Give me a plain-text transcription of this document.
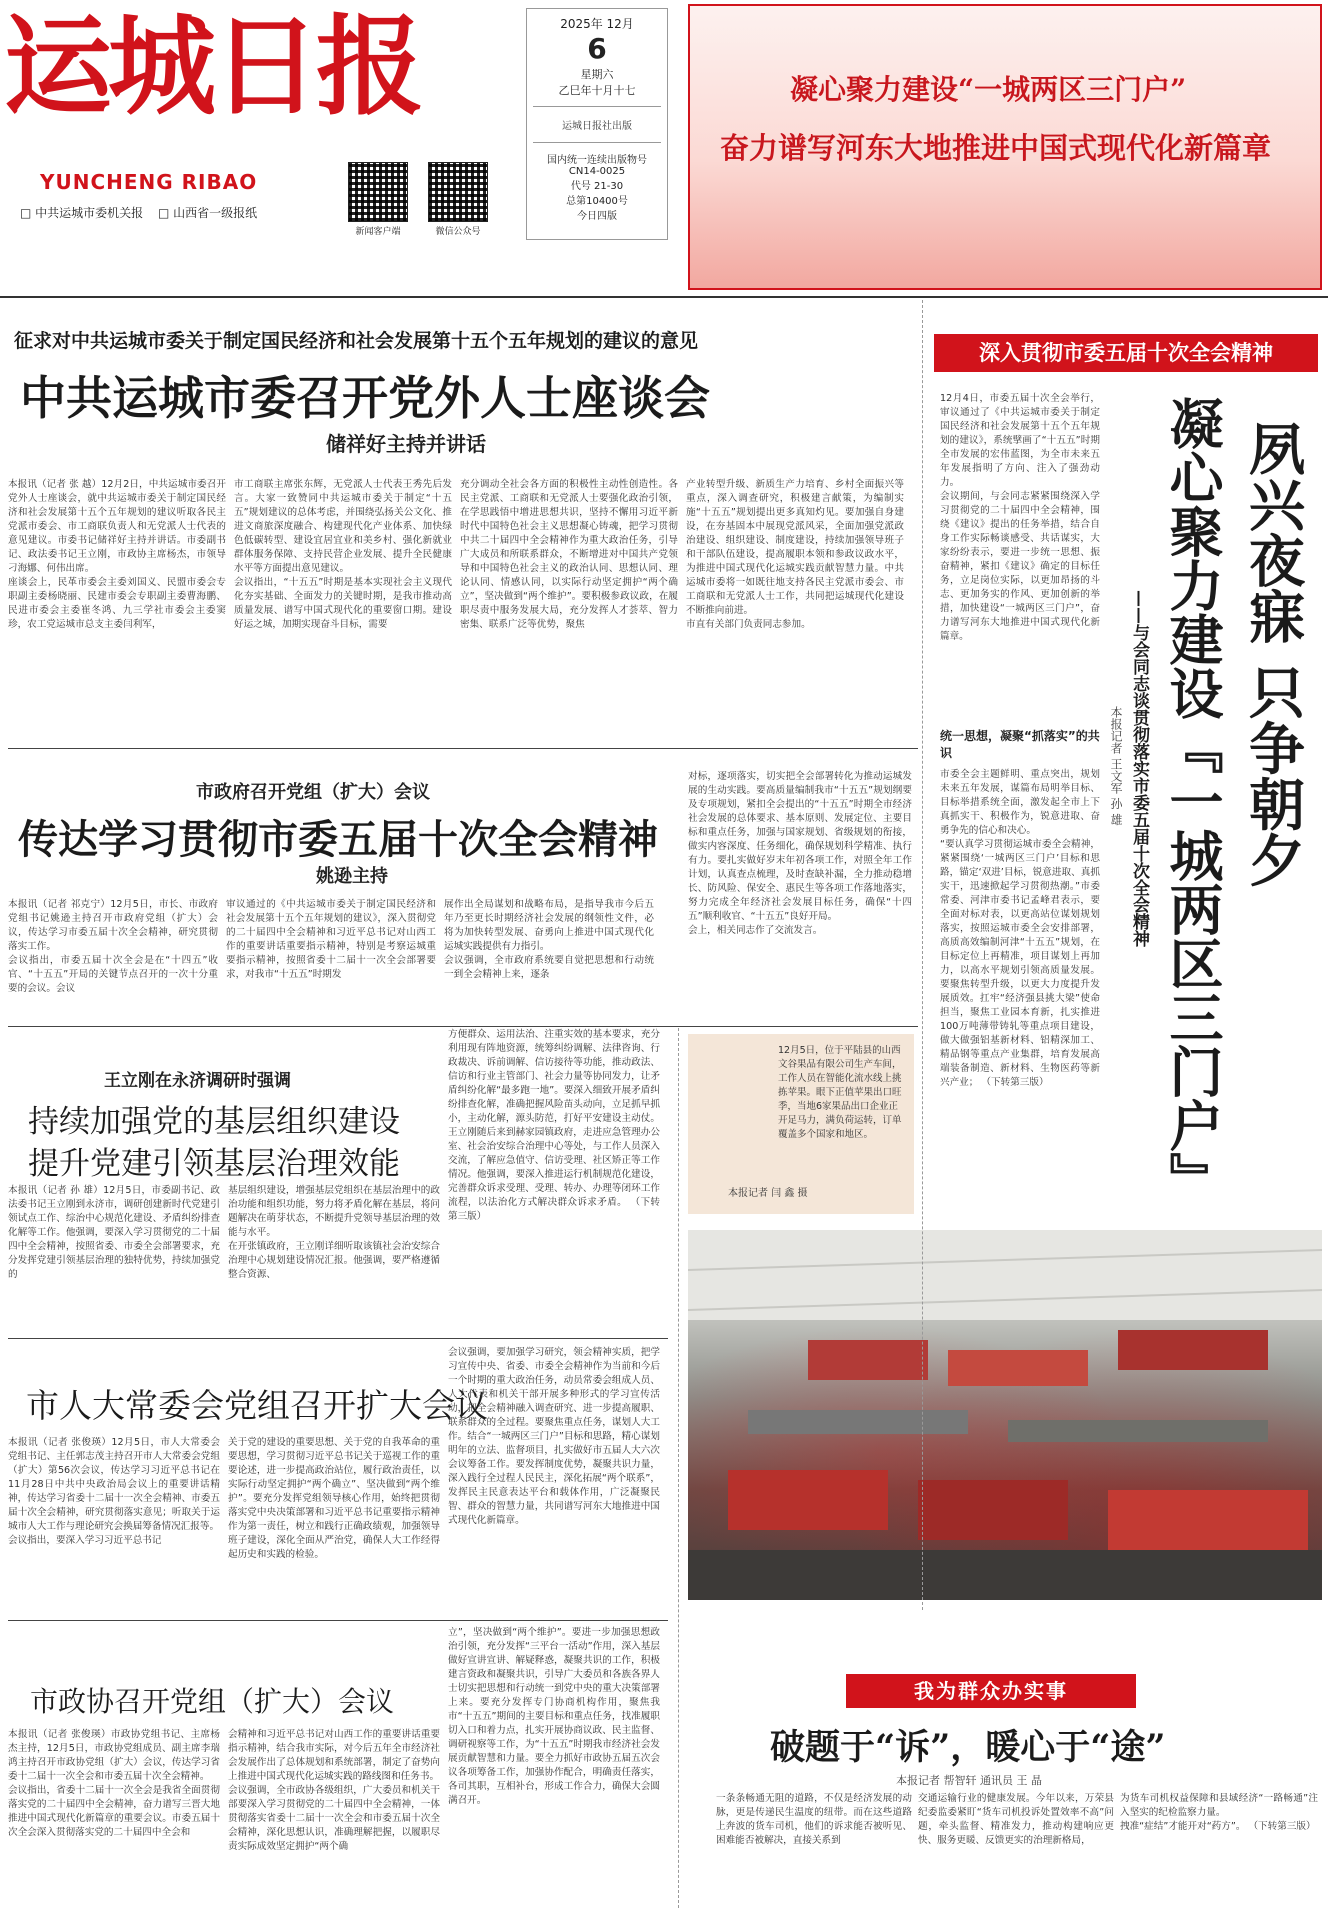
运城日报
YUNCHENG RIBAO
□ 中共运城市委机关报 □ 山西省一级报纸
新闻客户端	微信公众号
2025年 12月
6
星期六
乙巳年十月十七
运城日报社出版
国内统一连续出版物号
CN14-0025
代号 21-30
总第10400号
今日四版
凝心聚力建设“一城两区三门户”
奋力谱写河东大地推进中国式现代化新篇章
征求对中共运城市委关于制定国民经济和社会发展第十五个五年规划的建议的意见
中共运城市委召开党外人士座谈会
储祥好主持并讲话
本报讯（记者 张 越）12月2日，中共运城市委召开党外人士座谈会，就中共运城市委关于制定国民经济和社会发展第十五个五年规划的建议听取各民主党派市委会、市工商联负责人和无党派人士代表的意见建议。市委书记储祥好主持并讲话。市委副书记、政法委书记王立刚，市政协主席杨杰，市领导刁海娜、何伟出席。
座谈会上，民革市委会主委刘国义、民盟市委会专职副主委杨晓丽、民建市委会专职副主委曹海鹏、民进市委会主委崔冬鸿、九三学社市委会主委窦珍，农工党运城市总支主委闫利军，
市工商联主席张东辉，无党派人士代表王秀先后发言。大家一致赞同中共运城市委关于制定“十五五”规划建议的总体考虑，并围绕弘扬关公文化、推进文商旅深度融合、构建现代化产业体系、加快绿色低碳转型、建设宜居宜业和美乡村、强化新就业群体服务保障、支持民营企业发展、提升全民健康水平等方面提出意见建议。
会议指出，“十五五”时期是基本实现社会主义现代化夯实基础、全面发力的关键时期，是我市推动高质量发展、谱写中国式现代化的重要窗口期。建设好运之城，加期实现奋斗目标，需要
充分调动全社会各方面的积极性主动性创造性。各民主党派、工商联和无党派人士要强化政治引领，在学思践悟中增进思想共识，坚持不懈用习近平新时代中国特色社会主义思想凝心铸魂，把学习贯彻中共二十届四中全会精神作为重大政治任务，引导广大成员和所联系群众，不断增进对中国共产党领导和中国特色社会主义的政治认同、思想认同、理论认同、情感认同，以实际行动坚定拥护“两个确立”，坚决做到“两个维护”。要积极参政议政，在履职尽责中服务发展大局，充分发挥人才荟萃、智力密集、联系广泛等优势，聚焦
产业转型升级、新质生产力培育、乡村全面振兴等重点，深入调查研究，积极建言献策，为编制实施“十五五”规划提出更多真知灼见。要加强自身建设，在夯基固本中展现党派风采，全面加强党派政治建设、组织建设、制度建设，持续加强领导班子和干部队伍建设，提高履职本领和参政议政水平，为推进中国式现代化运城实践贡献智慧力量。中共运城市委将一如既往地支持各民主党派市委会、市工商联和无党派人士工作，共同把运城现代化建设不断推向前进。
市直有关部门负责同志参加。
深入贯彻市委五届十次全会精神
12月4日，市委五届十次全会举行，审议通过了《中共运城市委关于制定国民经济和社会发展第十五个五年规划的建议》，系统擘画了“十五五”时期全市发展的宏伟蓝图，为全市未来五年发展指明了方向、注入了强劲动力。
会议期间，与会同志紧紧围绕深入学习贯彻党的二十届四中全会精神，围绕《建议》提出的任务举措，结合自身工作实际畅谈感受、共话谋实，大家纷纷表示，要进一步统一思想、振奋精神，紧扣《建议》确定的目标任务，立足岗位实际，以更加昂扬的斗志、更加务实的作风、更加创新的举措，加快建设“一城两区三门户”，奋力谱写河东大地推进中国式现代化新篇章。
统一思想，凝聚“抓落实”的共识
市委全会主题鲜明、重点突出，规划未来五年发展，谋篇布局明举目标、目标举措系统全面，激发起全市上下真抓实干、积极作为，锐意进取、奋勇争先的信心和决心。
“要认真学习贯彻运城市委全会精神，紧紧围绕‘一城两区三门户’目标和思路，锚定‘双进’目标，锐意进取、真抓实干，迅速掀起学习贯彻热潮。”市委常委、河津市委书记孟峰君表示，要全面对标对表，以更高站位谋划规划落实，按照运城市委全会安排部署，高质高效编制河津“十五五”规划，在目标定位上再精准，项目谋划上再加力，以高水平规划引领高质量发展。要聚焦转型升级，以更大力度提升发展质效。扛牢“经济强县挑大梁”使命担当，聚焦工业园本育新，扎实推进100万吨薄带铸轧等重点项目建设，做大做强铝基新材料、铝精深加工、精品钢等重点产业集群，培育发展高端装备制造、新材料、生物医药等新兴产业； （下转第三版）
夙兴夜寐 只争朝夕
凝心聚力建设『一城两区三门户』
——与会同志谈贯彻落实市委五届十次全会精神
本报记者 王文军 孙 雄
市政府召开党组（扩大）会议
传达学习贯彻市委五届十次全会精神
姚逊主持
本报讯（记者 祁克宁）12月5日，市长、市政府党组书记姚逊主持召开市政府党组（扩大）会议，传达学习市委五届十次全会精神，研究贯彻落实工作。
会议指出，市委五届十次全会是在“十四五”收官、“十五五”开局的关键节点召开的一次十分重要的会议。会议
审议通过的《中共运城市委关于制定国民经济和社会发展第十五个五年规划的建议》，深入贯彻党的二十届四中全会精神和习近平总书记对山西工作的重要讲话重要指示精神，特别是考察运城重要指示精神，按照省委十二届十一次全会部署要求，对我市“十五五”时期发
展作出全局谋划和战略布局，是指导我市今后五年乃至更长时期经济社会发展的纲领性文件，必将为加快转型发展、奋勇向上推进中国式现代化运城实践提供有力指引。
会议强调，全市政府系统要自觉把思想和行动统一到全会精神上来，逐条
对标，逐项落实，切实把全会部署转化为推动运城发展的生动实践。要高质量编制我市“十五五”规划纲要及专项规划，紧扣全会提出的“十五五”时期全市经济社会发展的总体要求、基本原则、发展定位、主要目标和重点任务，加强与国家规划、省级规划的衔接，做实内容深度、任务细化，确保规划科学精准、执行有力。要扎实做好岁末年初各项工作，对照全年工作计划，认真查点梳理，及时查缺补漏，全力推动稳增长、防风险、保安全、惠民生等各项工作落地落实，努力完成全年经济社会发展目标任务，确保“十四五”顺利收官、“十五五”良好开局。
会上，相关同志作了交流发言。
王立刚在永济调研时强调
持续加强党的基层组织建设
提升党建引领基层治理效能
本报讯（记者 孙 雄）12月5日，市委副书记、政法委书记王立刚到永济市，调研创建新时代党建引领试点工作、综治中心规范化建设、矛盾纠纷排查化解等工作。他强调，要深入学习贯彻党的二十届四中全会精神，按照省委、市委全会部署要求，充分发挥党建引领基层治理的独特优势，持续加强党的
基层组织建设，增强基层党组织在基层治理中的政治功能和组织功能，努力将矛盾化解在基层，将问题解决在萌芽状态，不断提升党领导基层治理的效能与水平。
在开张镇政府，王立刚详细听取该镇社会治安综合治理中心规划建设情况汇报。他强调，要严格遵循整合资源、
方便群众、运用法治、注重实效的基本要求，充分利用现有阵地资源，统筹纠纷调解、法律咨询、行政裁决、诉前调解、信访接待等功能，推动政法、信访和行业主管部门、社会力量等协同发力，让矛盾纠纷化解“最多跑一地”。要深入细致开展矛盾纠纷排查化解，准确把握风险苗头动向，立足抓早抓小，主动化解，源头防范，打好平安建设主动仗。王立刚随后来到赫家园镇政府，走进应急管理办公室、社会治安综合治理中心等处，与工作人员深入交流，了解应急值守、信访受理、社区矫正等工作情况。他强调，要深入推进运行机制规范化建设，完善群众诉求受理、受理、转办、办理等闭环工作流程，以法治化方式解决群众诉求矛盾。 （下转第三版）
12月5日，位于平陆县的山西文谷果品有限公司生产车间，工作人员在智能化流水线上挑拣苹果。眼下正值苹果出口旺季，当地6家果品出口企业正开足马力，满负荷运转，订单覆盖多个国家和地区。
本报记者 闫 鑫 摄
市人大常委会党组召开扩大会议
本报讯（记者 张俊瑛）12月5日，市人大常委会党组书记、主任郭志茂主持召开市人大常委会党组（扩大）第56次会议，传达学习习近平总书记在11月28日中共中央政治局会议上的重要讲话精神，传达学习省委十二届十一次全会精神、市委五届十次全会精神，研究贯彻落实意见；听取关于运城市人大工作与理论研究会换届筹备情况汇报等。
会议指出，要深入学习习近平总书记
关于党的建设的重要思想、关于党的自我革命的重要思想，学习贯彻习近平总书记关于巡视工作的重要论述，进一步提高政治站位，履行政治责任，以实际行动坚定拥护“两个确立”、坚决做到“两个维护”。要充分发挥党组领导核心作用，始终把贯彻落实党中央决策部署和习近平总书记重要指示精神作为第一责任，树立和践行正确政绩观，加强领导班子建设，深化全面从严治党，确保人大工作经得起历史和实践的检验。
会议强调，要加强学习研究，领会精神实质，把学习宣传中央、省委、市委全会精神作为当前和今后一个时期的重大政治任务，动员常委会组成人员、人大代表和机关干部开展多种形式的学习宣传活动，把全会精神融入调查研究、进一步提高履职、联系群众的全过程。要聚焦重点任务，谋划人大工作。结合“一城两区三门户”目标和思路，精心谋划明年的立法、监督项目，扎实做好市五届人大六次会议筹备工作。要发挥制度优势，凝聚共识力量，深入践行全过程人民民主，深化拓展“两个联系”，发挥民主民意表达平台和载体作用，广泛凝聚民智、群众的智慧力量，共同谱写河东大地推进中国式现代化新篇章。
市政协召开党组（扩大）会议
本报讯（记者 张俊瑛）市政协党组书记、主席杨杰主持，12月5日，市政协党组成员、副主席李瑞鸿主持召开市政协党组（扩大）会议，传达学习省委十二届十一次全会和市委五届十次全会精神。
会议指出，省委十二届十一次全会是我省全面贯彻落实党的二十届四中全会精神，奋力谱写三晋大地推进中国式现代化新篇章的重要会议。市委五届十次全会深入贯彻落实党的二十届四中全会和
会精神和习近平总书记对山西工作的重要讲话重要指示精神，结合我市实际，对今后五年全市经济社会发展作出了总体规划和系统部署，制定了奋势向上推进中国式现代化运城实践的路线图和任务书。
会议强调，全市政协各级组织，广大委员和机关干部要深入学习贯彻党的二十届四中全会精神，一体贯彻落实省委十二届十一次全会和市委五届十次全会精神，深化思想认识，准确理解把握，以履职尽责实际成效坚定拥护“两个确
立”，坚决做到“两个维护”。要进一步加强思想政治引领，充分发挥“三平台一活动”作用，深入基层做好宣讲宣讲、解疑释惑，凝聚共识的工作，积极建言资政和凝聚共识，引导广大委员和各族各界人士切实把思想和行动统一到党中央的重大决策部署上来。要充分发挥专门协商机构作用，聚焦我市“十五五”期间的主要目标和重点任务，找准履职切入口和着力点，扎实开展协商议政、民主监督、调研视察等工作，为“十五五”时期我市经济社会发展贡献智慧和力量。要全力抓好市政协五届五次会议各项筹备工作，加强协作配合，明确责任落实，各司其职，互相补台，形成工作合力，确保大会圆满召开。
我为群众办实事
破题于“诉”，暖心于“途”
本报记者 帮智轩 通讯员 王 晶
一条条畅通无阻的道路，不仅是经济发展的动脉，更是传递民生温度的纽带。而在这些道路上奔波的货车司机，他们的诉求能否被听见、困难能否被解决，直接关系到
交通运输行业的健康发展。今年以来，万荣县纪委监委紧盯“货车司机投诉处置效率不高”问题，牵头监督、精准发力，推动构建响应更快、服务更暖、反馈更实的治理新格局，
为货车司机权益保障和县域经济“一路畅通”注入坚实的纪检监察力量。
拽准“症结”才能开对“药方”。 （下转第三版）
